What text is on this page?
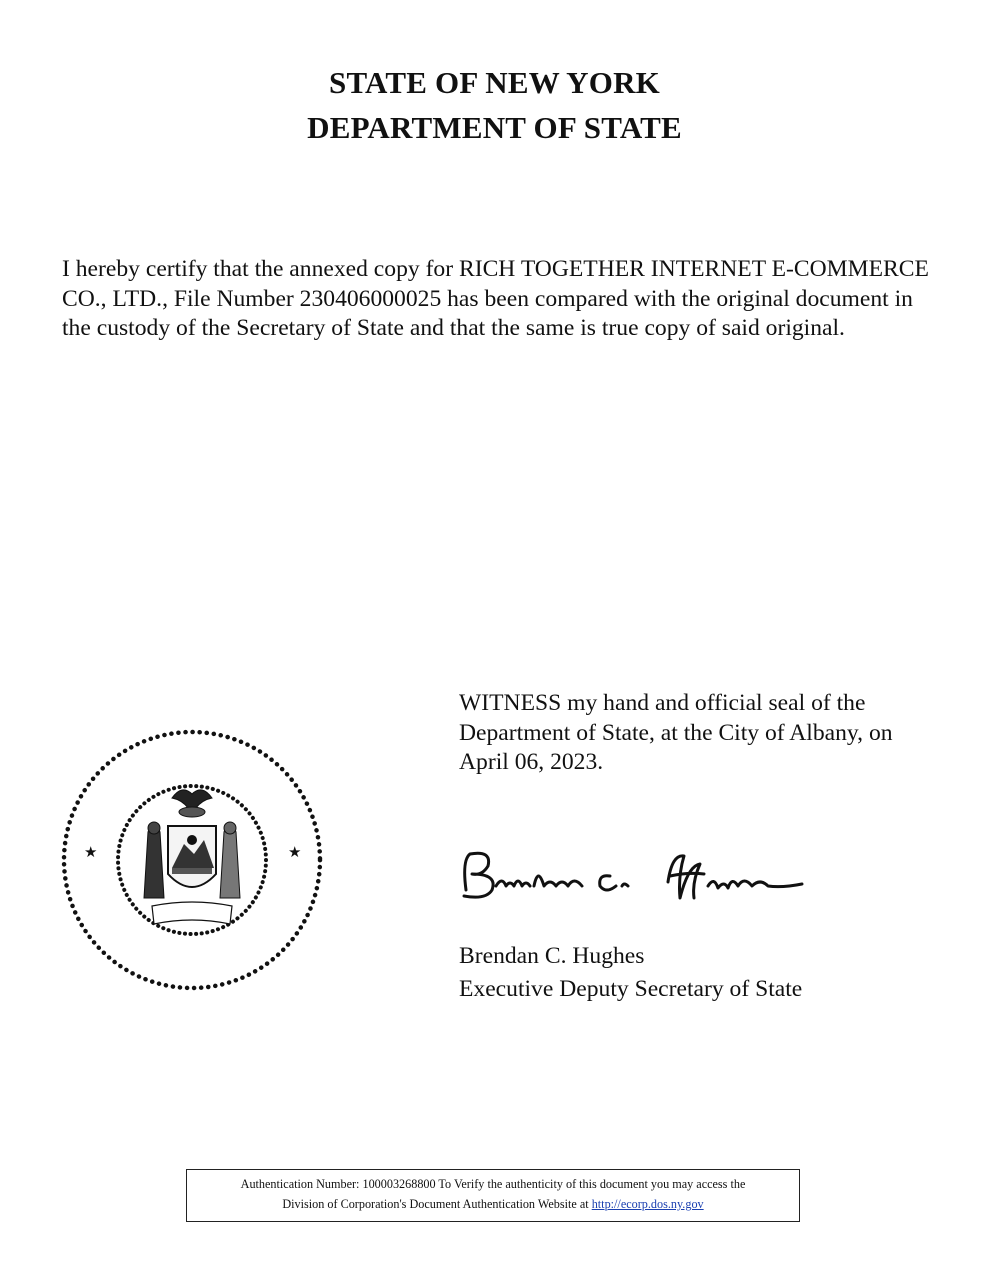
STATE OF NEW YORK
DEPARTMENT OF STATE

I hereby certify that the annexed copy for RICH TOGETHER INTERNET E-COMMERCE CO., LTD., File Number 230406000025 has been compared with the original document in the custody of the Secretary of State and that the same is true copy of said original.

★	★

WITNESS my hand and official seal of the Department of State, at the City of Albany, on April 06, 2023.

Brendan C. Hughes
Executive Deputy Secretary of State
Authentication Number: 100003268800 To Verify the authenticity of this document you may access the
Division of Corporation's Document Authentication Website at http://ecorp.dos.ny.gov
